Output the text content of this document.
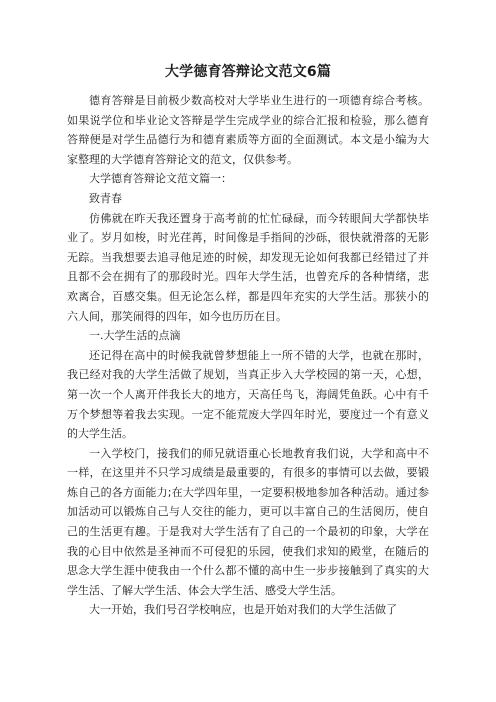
大学德育答辩论文范文6篇

德育答辩是目前极少数高校对大学毕业生进行的一项德育综合考核。如果说学位和毕业论文答辩是学生完成学业的综合汇报和检验，那么德育答辩便是对学生品德行为和德育素质等方面的全面测试。本文是小编为大家整理的大学德育答辩论文的范文，仅供参考。

大学德育答辩论文范文篇一：

致青春

仿佛就在昨天我还置身于高考前的忙忙碌碌，而今转眼间大学都快毕业了。岁月如梭，时光荏苒，时间像是手指间的沙砾，很快就滑落的无影无踪。当我想要去追寻他足迹的时候，却发现无论如何我都已经错过了并且都不会在拥有了的那段时光。四年大学生活，也曾充斥的各种情绪，悲欢离合，百感交集。但无论怎么样，都是四年充实的大学生活。那狭小的六人间，那笑闹得的四年，如今也历历在目。

一.大学生活的点滴

还记得在高中的时候我就曾梦想能上一所不错的大学，也就在那时，我已经对我的大学生活做了规划，当真正步入大学校园的第一天，心想，第一次一个人离开伴我长大的地方，天高任鸟飞，海阔凭鱼跃。心中有千万个梦想等着我去实现。一定不能荒废大学四年时光，要度过一个有意义的大学生活。

一入学校门，接我们的师兄就语重心长地教育我们说，大学和高中不一样，在这里并不只学习成绩是最重要的，有很多的事情可以去做，要锻炼自己的各方面能力;在大学四年里，一定要积极地参加各种活动。通过参加活动可以锻炼自己与人交往的能力，更可以丰富自己的生活阅历，使自己的生活更有趣。于是我对大学生活有了自己的一个最初的印象，大学在我的心目中依然是圣神而不可侵犯的乐园，使我们求知的殿堂，在随后的思念大学生涯中使我由一个什么都不懂的高中生一步步接触到了真实的大学生活、了解大学生活、体会大学生活、感受大学生活。

大一开始，我们号召学校响应，也是开始对我们的大学生活做了
